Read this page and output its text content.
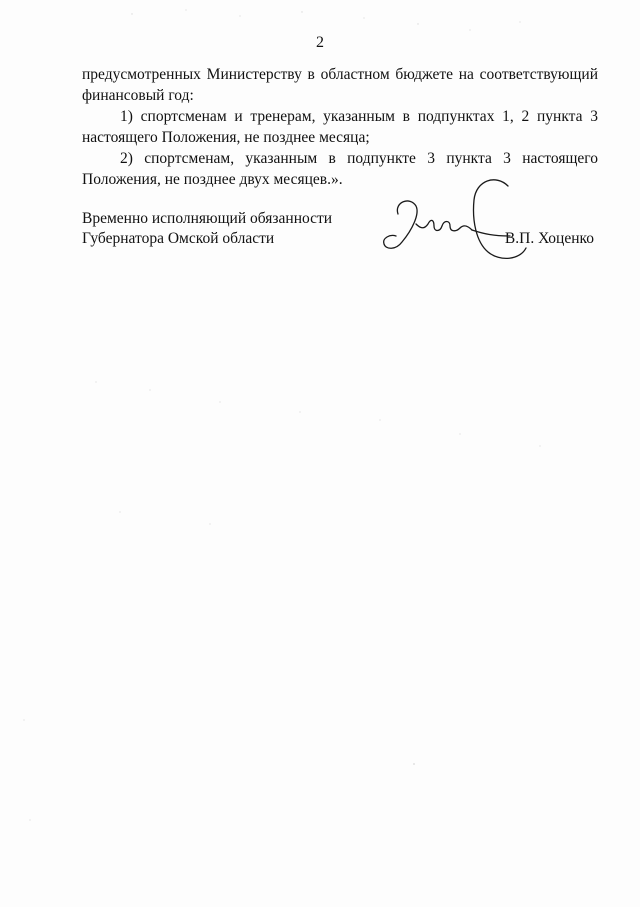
2

предусмотренных Министерству в областном бюджете на соответствующий финансовый год:

1) спортсменам и тренерам, указанным в подпунктах 1, 2 пункта 3 настоящего Положения, не позднее месяца;

2) спортсменам, указанным в подпункте 3 пункта 3 настоящего Положения, не позднее двух месяцев.».

Временно исполняющий обязанности
Губернатора Омской области	В.П. Хоценко
